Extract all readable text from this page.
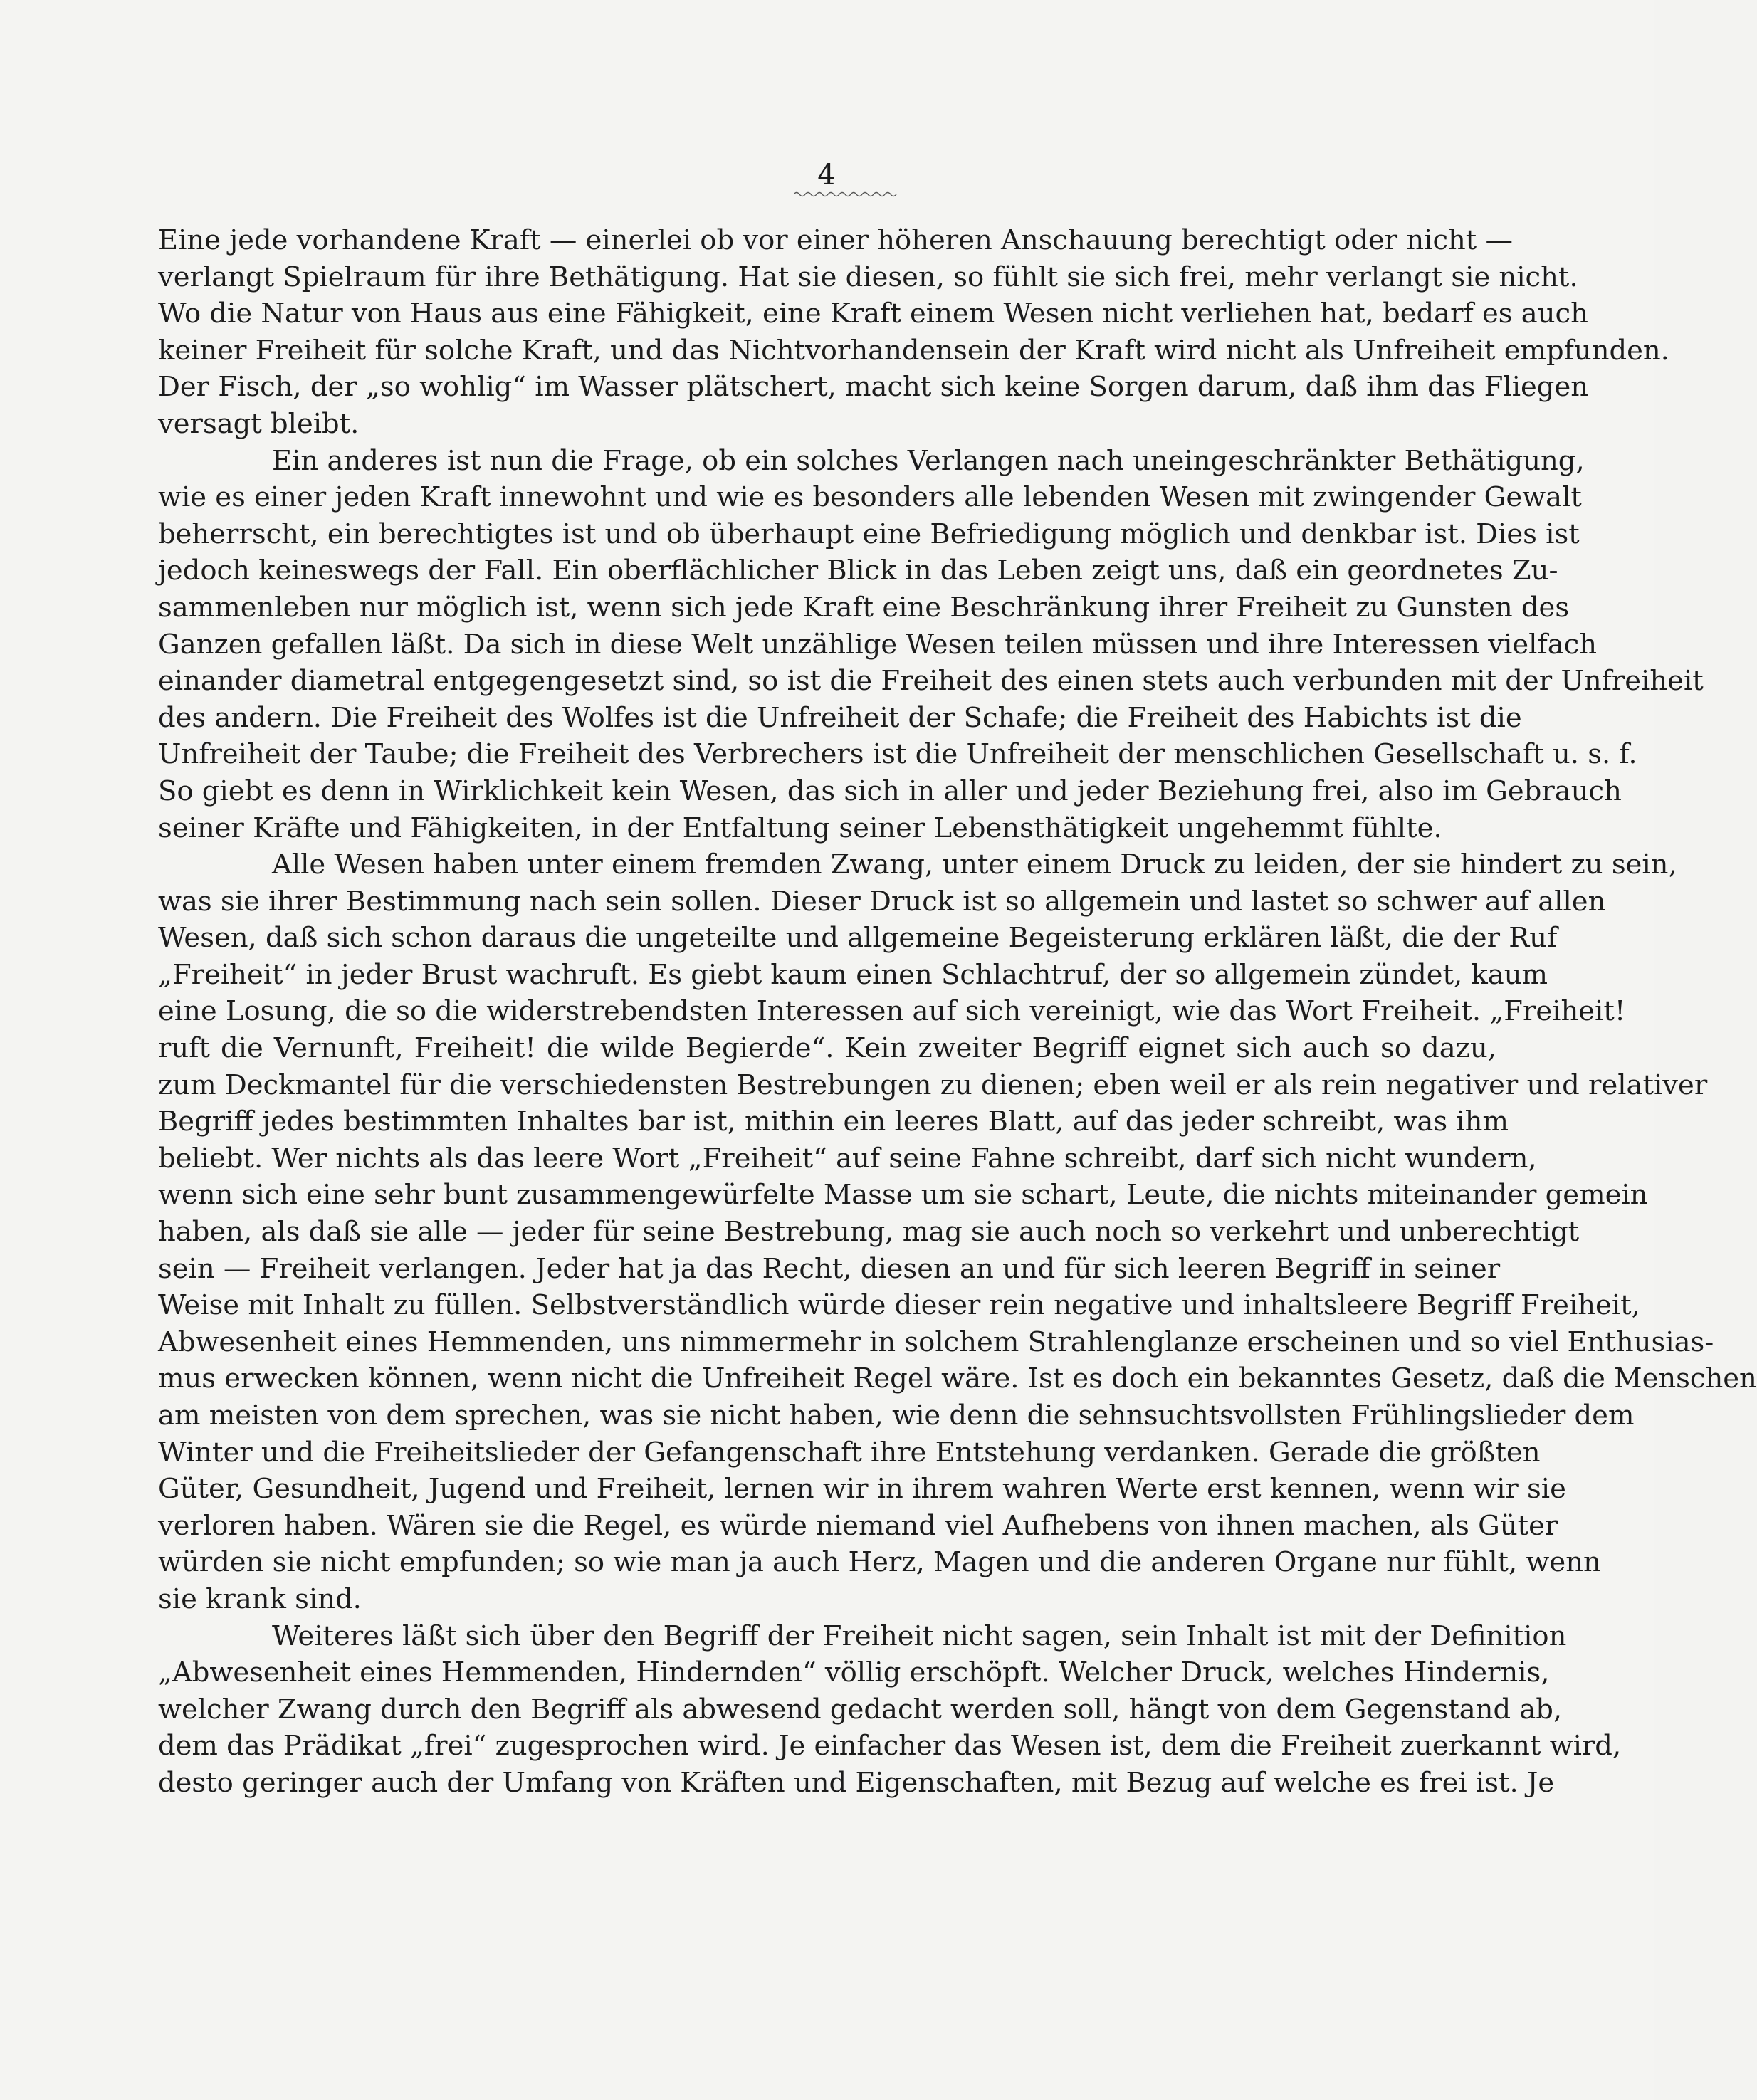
4
Eine jede vorhandene Kraft — einerlei ob vor einer höheren Anschauung berechtigt oder nicht —
verlangt Spielraum für ihre Bethätigung. Hat sie diesen, so fühlt sie sich frei, mehr verlangt sie nicht.
Wo die Natur von Haus aus eine Fähigkeit, eine Kraft einem Wesen nicht verliehen hat, bedarf es auch
keiner Freiheit für solche Kraft, und das Nichtvorhandensein der Kraft wird nicht als Unfreiheit empfunden.
Der Fisch, der „so wohlig“ im Wasser plätschert, macht sich keine Sorgen darum, daß ihm das Fliegen
versagt bleibt.
Ein anderes ist nun die Frage, ob ein solches Verlangen nach uneingeschränkter Bethätigung,
wie es einer jeden Kraft innewohnt und wie es besonders alle lebenden Wesen mit zwingender Gewalt
beherrscht, ein berechtigtes ist und ob überhaupt eine Befriedigung möglich und denkbar ist. Dies ist
jedoch keineswegs der Fall. Ein oberflächlicher Blick in das Leben zeigt uns, daß ein geordnetes Zu-
sammenleben nur möglich ist, wenn sich jede Kraft eine Beschränkung ihrer Freiheit zu Gunsten des
Ganzen gefallen läßt. Da sich in diese Welt unzählige Wesen teilen müssen und ihre Interessen vielfach
einander diametral entgegengesetzt sind, so ist die Freiheit des einen stets auch verbunden mit der Unfreiheit
des andern. Die Freiheit des Wolfes ist die Unfreiheit der Schafe; die Freiheit des Habichts ist die
Unfreiheit der Taube; die Freiheit des Verbrechers ist die Unfreiheit der menschlichen Gesellschaft u. s. f.
So giebt es denn in Wirklichkeit kein Wesen, das sich in aller und jeder Beziehung frei, also im Gebrauch
seiner Kräfte und Fähigkeiten, in der Entfaltung seiner Lebensthätigkeit ungehemmt fühlte.
Alle Wesen haben unter einem fremden Zwang, unter einem Druck zu leiden, der sie hindert zu sein,
was sie ihrer Bestimmung nach sein sollen. Dieser Druck ist so allgemein und lastet so schwer auf allen
Wesen, daß sich schon daraus die ungeteilte und allgemeine Begeisterung erklären läßt, die der Ruf
„Freiheit“ in jeder Brust wachruft. Es giebt kaum einen Schlachtruf, der so allgemein zündet, kaum
eine Losung, die so die widerstrebendsten Interessen auf sich vereinigt, wie das Wort Freiheit. „Freiheit!
ruft die Vernunft, Freiheit! die wilde Begierde“. Kein zweiter Begriff eignet sich auch so dazu,
zum Deckmantel für die verschiedensten Bestrebungen zu dienen; eben weil er als rein negativer und relativer
Begriff jedes bestimmten Inhaltes bar ist, mithin ein leeres Blatt, auf das jeder schreibt, was ihm
beliebt. Wer nichts als das leere Wort „Freiheit“ auf seine Fahne schreibt, darf sich nicht wundern,
wenn sich eine sehr bunt zusammengewürfelte Masse um sie schart, Leute, die nichts miteinander gemein
haben, als daß sie alle — jeder für seine Bestrebung, mag sie auch noch so verkehrt und unberechtigt
sein — Freiheit verlangen. Jeder hat ja das Recht, diesen an und für sich leeren Begriff in seiner
Weise mit Inhalt zu füllen. Selbstverständlich würde dieser rein negative und inhaltsleere Begriff Freiheit,
Abwesenheit eines Hemmenden, uns nimmermehr in solchem Strahlenglanze erscheinen und so viel Enthusias-
mus erwecken können, wenn nicht die Unfreiheit Regel wäre. Ist es doch ein bekanntes Gesetz, daß die Menschen
am meisten von dem sprechen, was sie nicht haben, wie denn die sehnsuchtsvollsten Frühlingslieder dem
Winter und die Freiheitslieder der Gefangenschaft ihre Entstehung verdanken. Gerade die größten
Güter, Gesundheit, Jugend und Freiheit, lernen wir in ihrem wahren Werte erst kennen, wenn wir sie
verloren haben. Wären sie die Regel, es würde niemand viel Aufhebens von ihnen machen, als Güter
würden sie nicht empfunden; so wie man ja auch Herz, Magen und die anderen Organe nur fühlt, wenn
sie krank sind.
Weiteres läßt sich über den Begriff der Freiheit nicht sagen, sein Inhalt ist mit der Definition
„Abwesenheit eines Hemmenden, Hindernden“ völlig erschöpft. Welcher Druck, welches Hindernis,
welcher Zwang durch den Begriff als abwesend gedacht werden soll, hängt von dem Gegenstand ab,
dem das Prädikat „frei“ zugesprochen wird. Je einfacher das Wesen ist, dem die Freiheit zuerkannt wird,
desto geringer auch der Umfang von Kräften und Eigenschaften, mit Bezug auf welche es frei ist. Je
